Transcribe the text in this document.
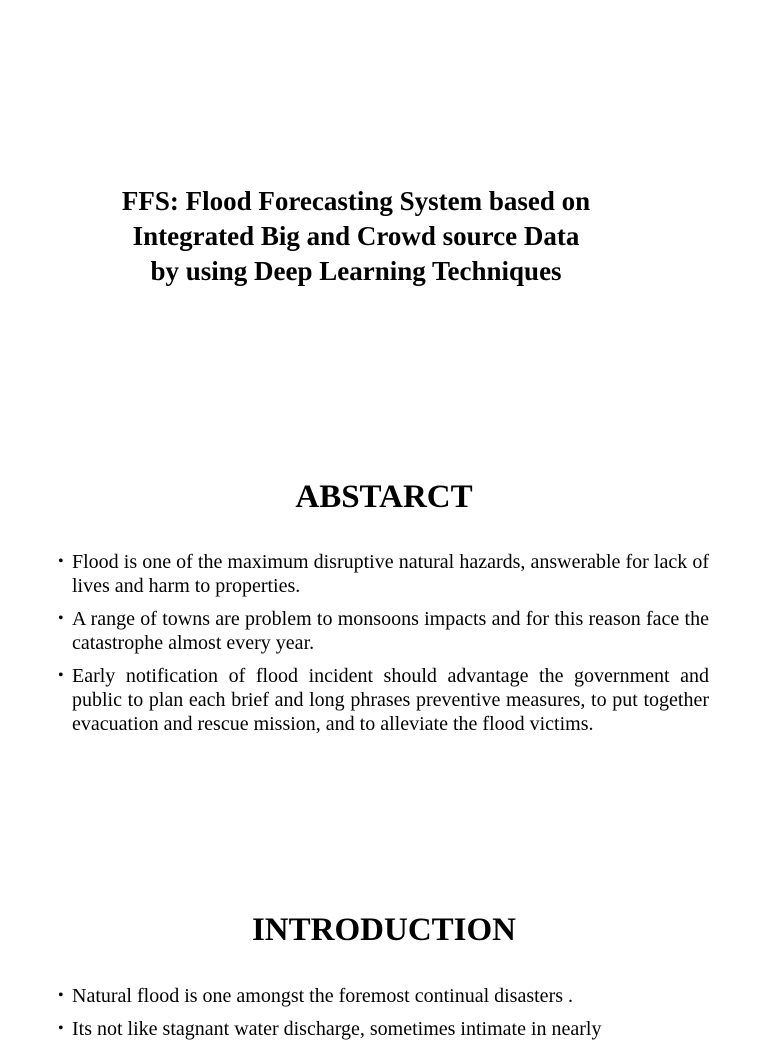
FFS: Flood Forecasting System based on
Integrated Big and Crowd source Data
by using Deep Learning Techniques
ABSTARCT
• Flood is one of the maximum disruptive natural hazards, answerable for lack of lives and harm to properties.
• A range of towns are problem to monsoons impacts and for this reason face the catastrophe almost every year.
• Early notification of flood incident should advantage the government and public to plan each brief and long phrases preventive measures, to put together evacuation and rescue mission, and to alleviate the flood victims.
INTRODUCTION
• Natural flood is one amongst the foremost continual disasters .
• Its not like stagnant water discharge, sometimes intimate in nearly
